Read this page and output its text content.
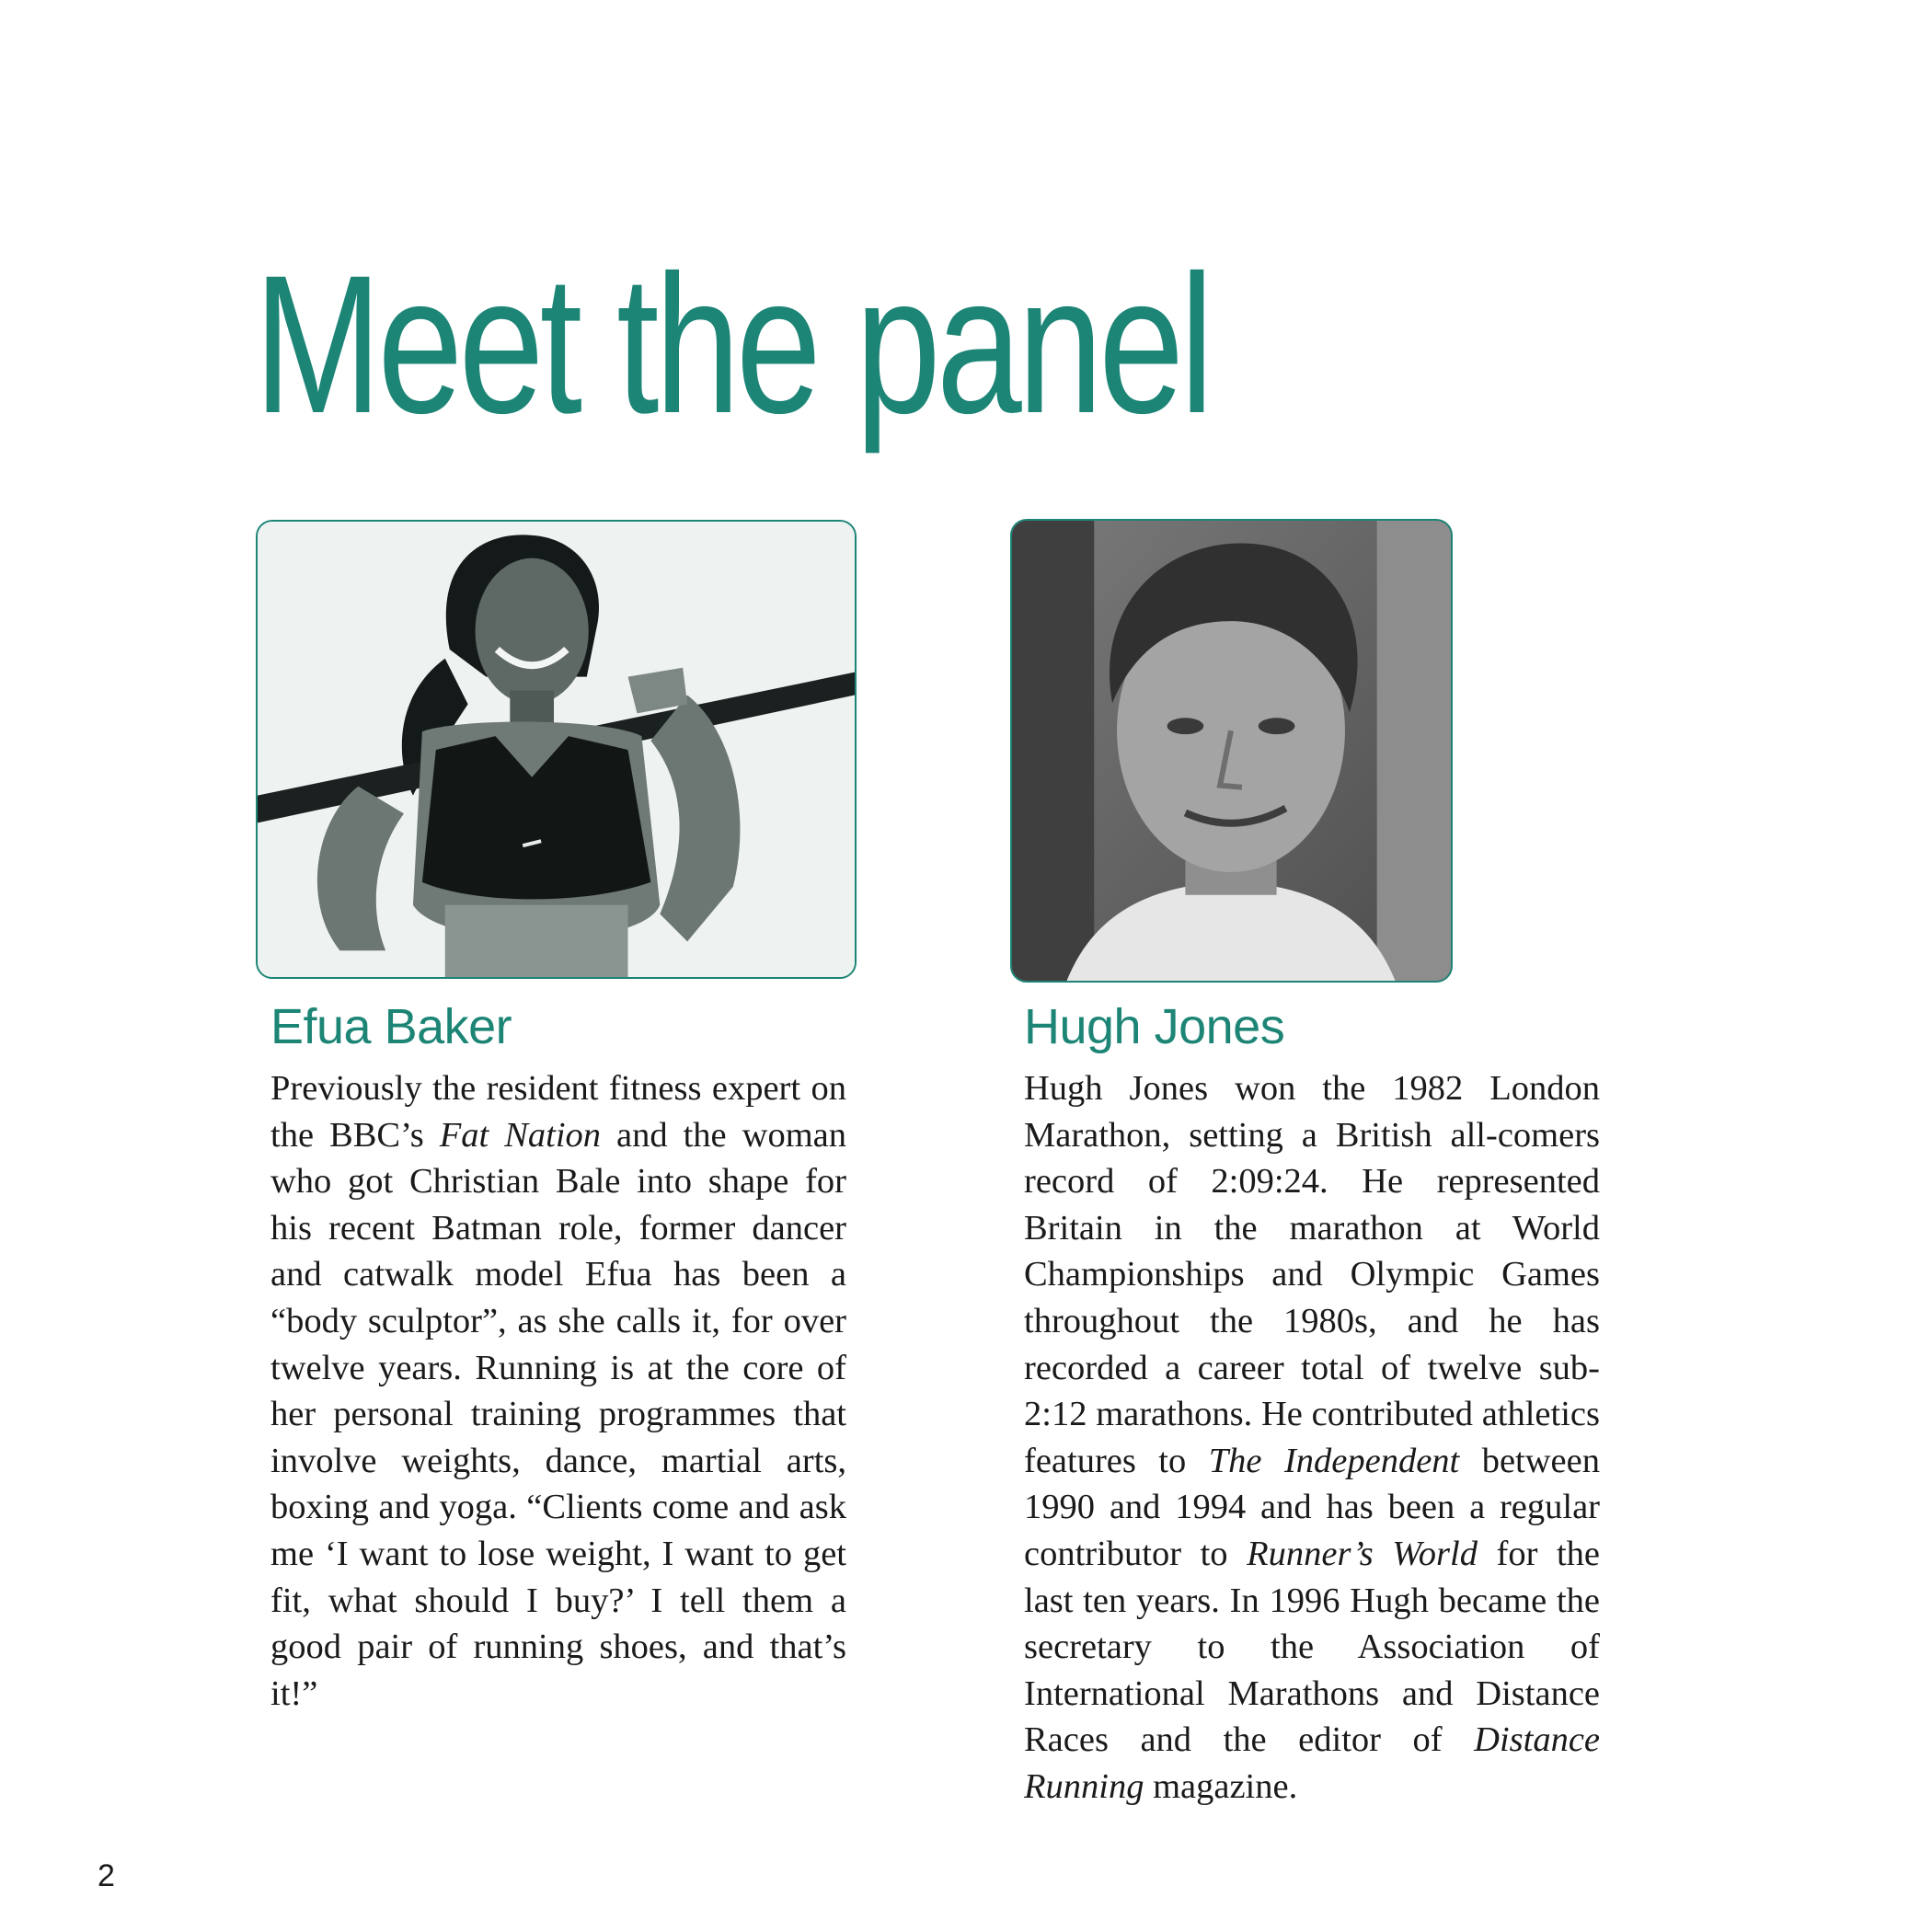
Meet the panel
Efua Baker

Previously the resident fitness expert on the BBC’s Fat Nation and the woman who got Christian Bale into shape for his recent Batman role, former dancer and catwalk model Efua has been a “body sculptor”, as she calls it, for over twelve years. Running is at the core of her personal training programmes that involve weights, dance, martial arts, boxing and yoga. “Clients come and ask me ‘I want to lose weight, I want to get fit, what should I buy?’ I tell them a good pair of running shoes, and that’s it!”

Hugh Jones

Hugh Jones won the 1982 London Marathon, setting a British all-comers record of 2:09:24. He represented Britain in the marathon at World Championships and Olympic Games throughout the 1980s, and he has recorded a career total of twelve sub-2:12 marathons. He contributed athletics features to The Independent between 1990 and 1994 and has been a regular contributor to Runner’s World for the last ten years. In 1996 Hugh became the secretary to the Association of International Marathons and Distance Races and the editor of Distance Running magazine.

2
